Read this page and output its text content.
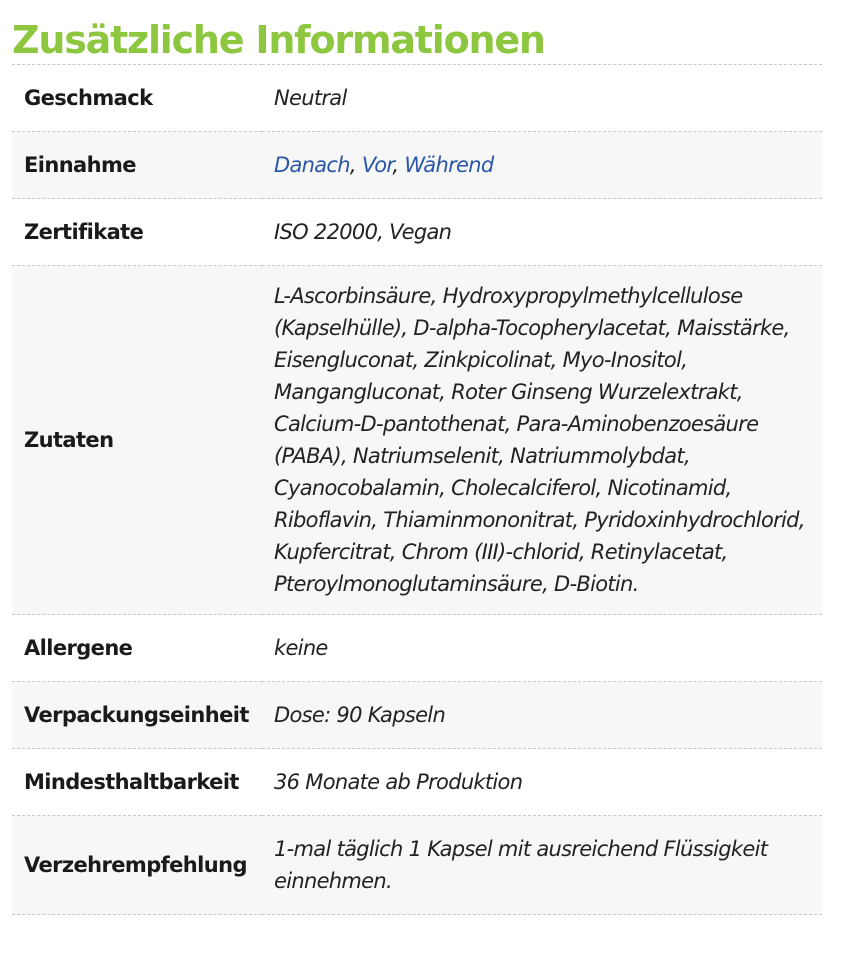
Zusätzliche Informationen
Geschmack	Neutral
Einnahme	Danach, Vor, Während
Zertifikate	ISO 22000, Vegan
Zutaten	L-Ascorbinsäure, Hydroxypropylmethylcellulose (Kapselhülle), D-alpha-Tocopherylacetat, Maisstärke, Eisengluconat, Zinkpicolinat, Myo-Inositol, Mangangluconat, Roter Ginseng Wurzelextrakt, Calcium-D-pantothenat, Para-Aminobenzoesäure (PABA), Natriumselenit, Natriummolybdat, Cyanocobalamin, Cholecalciferol, Nicotinamid, Riboflavin, Thiaminmononitrat, Pyridoxinhydrochlorid, Kupfercitrat, Chrom (III)-chlorid, Retinylacetat, Pteroylmonoglutaminsäure, D-Biotin.
Allergene	keine
Verpackungseinheit	Dose: 90 Kapseln
Mindesthaltbarkeit	36 Monate ab Produktion
Verzehrempfehlung	1-mal täglich 1 Kapsel mit ausreichend Flüssigkeit einnehmen.
